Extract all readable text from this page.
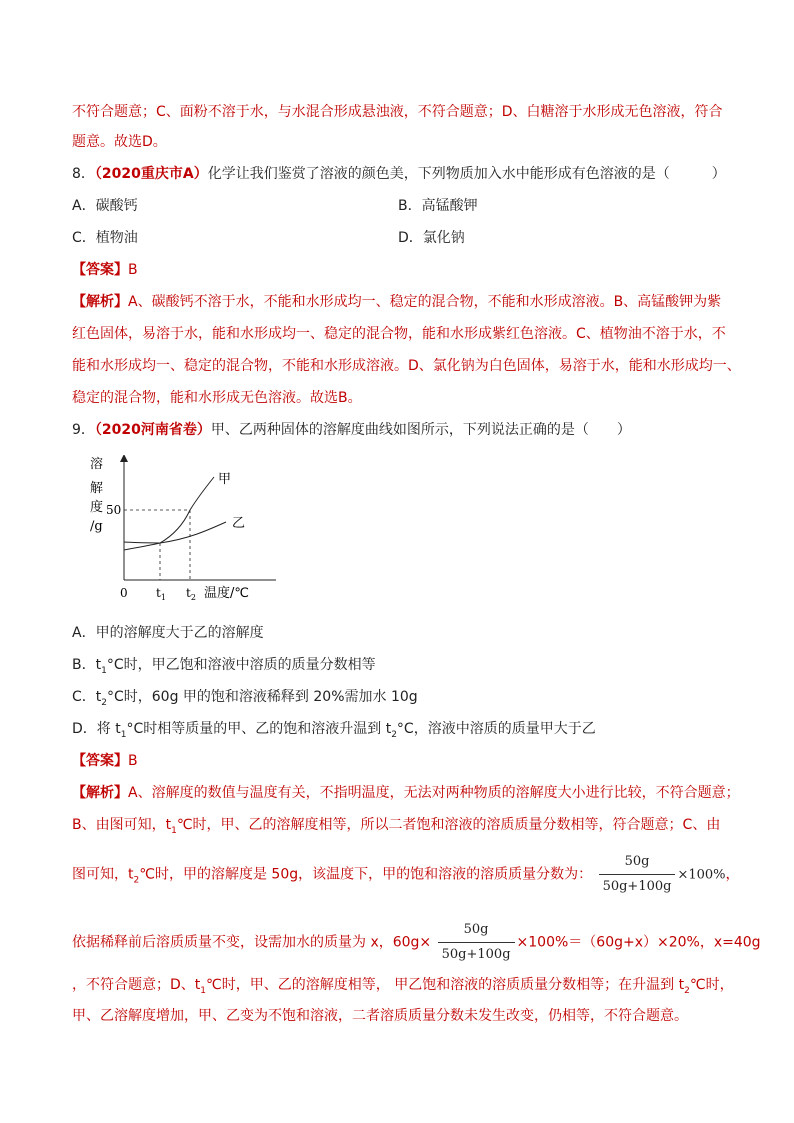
不符合题意；C、面粉不溶于水，与水混合形成悬浊液，不符合题意；D、白糖溶于水形成无色溶液，符合
题意。故选D。
8．（2020重庆市A）化学让我们鉴赏了溶液的颜色美，下列物质加入水中能形成有色溶液的是（　　　）
A．碳酸钙	B．高锰酸钾
C．植物油	D．氯化钠
【答案】B
【解析】A、碳酸钙不溶于水，不能和水形成均一、稳定的混合物，不能和水形成溶液。B、高锰酸钾为紫
红色固体，易溶于水，能和水形成均一、稳定的混合物，能和水形成紫红色溶液。C、植物油不溶于水，不
能和水形成均一、稳定的混合物，不能和水形成溶液。D、氯化钠为白色固体，易溶于水，能和水形成均一、
稳定的混合物，能和水形成无色溶液。故选B。
9．（2020河南省卷）甲、乙两种固体的溶解度曲线如图所示，下列说法正确的是（　　）
溶
解
度
/g
50
甲
乙
0 $t_1$ $t_2$ 温度/℃
A．甲的溶解度大于乙的溶解度
B．$t_1^\circ C$时，甲乙饱和溶液中溶质的质量分数相等
C．$t_2^\circ C$时，60g 甲的饱和溶液稀释到 20%需加水 10g
D．将 $t_1^\circ C$时相等质量的甲、乙的饱和溶液升温到 $t_2^\circ C$，溶液中溶质的质量甲大于乙
【答案】B
【解析】A、溶解度的数值与温度有关，不指明温度，无法对两种物质的溶解度大小进行比较，不符合题意；
B、由图可知，$t_1℃$时，甲、乙的溶解度相等，所以二者饱和溶液的溶质质量分数相等，符合题意；C、由
图可知，$t_2℃$时，甲的溶解度是 50g，该温度下，甲的饱和溶液的溶质质量分数为： $\frac{50g}{50g+100g} \times 100\%$，
依据稀释前后溶质质量不变，设需加水的质量为 x，$60g\times \frac{50g}{50g+100g} \times 100\%=(60g+x)\times 20\%$，x=40g
，不符合题意；D、$t_1℃$时，甲、乙的溶解度相等， 甲乙饱和溶液的溶质质量分数相等；在升温到 $t_2℃$时，
甲、乙溶解度增加，甲、乙变为不饱和溶液，二者溶质质量分数未发生改变，仍相等，不符合题意。
